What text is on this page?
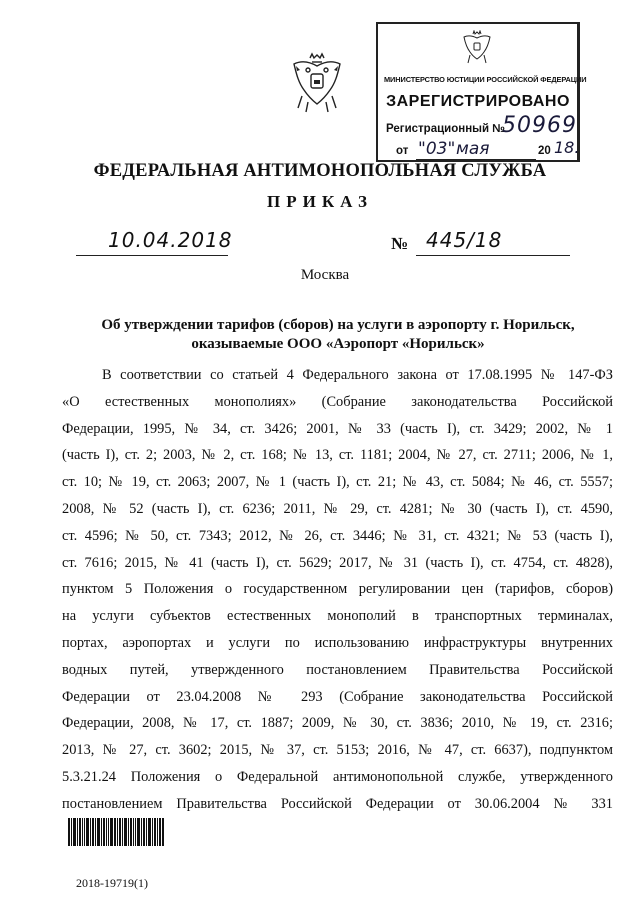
МИНИСТЕРСТВО ЮСТИЦИИ РОССИЙСКОЙ ФЕДЕРАЦИИ
ЗАРЕГИСТРИРОВАНО
Регистрационный №
50969
от "03" мая	20 18.
ФЕДЕРАЛЬНАЯ АНТИМОНОПОЛЬНАЯ СЛУЖБА
ПРИКАЗ
10.04.2018	№ 445/18
Москва
Об утверждении тарифов (сборов) на услуги в аэропорту г. Норильск,
оказываемые ООО «Аэропорт «Норильск»
В соответствии со статьей 4 Федерального закона от 17.08.1995 № 147-ФЗ
«О естественных монополиях» (Собрание законодательства Российской
Федерации, 1995, № 34, ст. 3426; 2001, № 33 (часть I), ст. 3429; 2002, № 1
(часть I), ст. 2; 2003, № 2, ст. 168; № 13, ст. 1181; 2004, № 27, ст. 2711; 2006, № 1,
ст. 10; № 19, ст. 2063; 2007, № 1 (часть I), ст. 21; № 43, ст. 5084; № 46, ст. 5557;
2008, № 52 (часть I), ст. 6236; 2011, № 29, ст. 4281; № 30 (часть I), ст. 4590,
ст. 4596; № 50, ст. 7343; 2012, № 26, ст. 3446; № 31, ст. 4321; № 53 (часть I),
ст. 7616; 2015, № 41 (часть I), ст. 5629; 2017, № 31 (часть I), ст. 4754, ст. 4828),
пунктом 5 Положения о государственном регулировании цен (тарифов, сборов)
на услуги субъектов естественных монополий в транспортных терминалах,
портах, аэропортах и услуги по использованию инфраструктуры внутренних
водных путей, утвержденного постановлением Правительства Российской
Федерации от 23.04.2008 № 293 (Собрание законодательства Российской
Федерации, 2008, № 17, ст. 1887; 2009, № 30, ст. 3836; 2010, № 19, ст. 2316;
2013, № 27, ст. 3602; 2015, № 37, ст. 5153; 2016, № 47, ст. 6637), подпунктом
5.3.21.24 Положения о Федеральной антимонопольной службе, утвержденного
постановлением Правительства Российской Федерации от 30.06.2004 № 331
2018-19719(1)
